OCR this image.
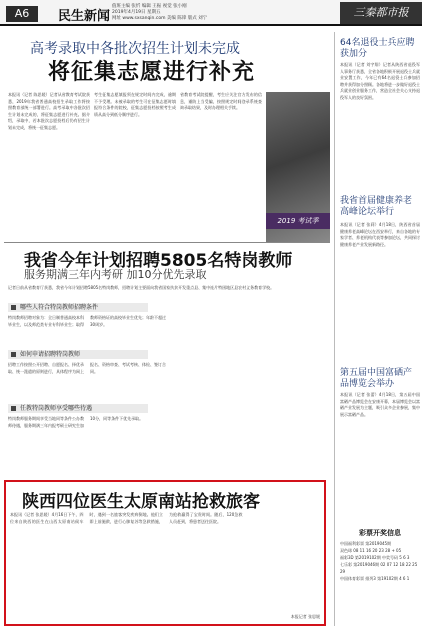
A6	民生新闻
值班主编 张忻 编辑 王振 视觉 张小刚
2019年4月19日 星期五
网址 www.sxsanqin.com 美编 陈锋 版式 刘宁	三秦都市报
高考录取中各批次招生计划未完成
将征集志愿进行补充
本报讯（记者 陈思媛）记者从省教育考试院获悉，2019年我省普通高校招生录取工作将按照教育部统一部署进行。高考录取中各批次招生计划未完成的，将征集志愿进行补充。据介绍，录取中，若本批次志愿投档后仍有招生计划未完成，将统一征集志愿。
考生征集志愿填报须在规定时间内完成，逾期不予受理。未被录取的考生可在征集志愿时填报符合条件的院校，征集志愿投档按照考生成绩从高分到低分顺序进行。
省教育考试院提醒，考生应关注官方发布的信息，谨防上当受骗，按照规定时间登录系统查询录取结果，及时办理相关手续。
2019 考试季
64名退役士兵应聘获加分
本报讯（记者 刘宇翔）记者从陕西省退役军人事务厅获悉，全省各地积极开展退役士兵就业安置工作，今年已有64名退役士兵参加招聘并获得加分照顾。各地将进一步做好退役士兵就业创业服务工作，营造全社会关心支持退役军人的良好氛围。
我省首届健康养老高峰论坛举行
本报讯（记者 张莉）4月18日，陕西省首届健康养老高峰论坛在西安举行，来自各地的专家学者、养老机构代表等参加论坛，共同探讨健康养老产业发展新路径。
第五届中国富硒产品博览会举办
本报讯（记者 张蕾）4月18日，第五届中国富硒产品博览会在安康开幕，本届博览会以富硒产业发展为主题，吸引众多企业参展，集中展示富硒产品。
彩票开奖信息
中国福利彩票 第2019045期
双色球 08 11 16 20 23 28 + 05
福彩3D 第2019102期 中奖号码 5 6 3
七乐彩 第2019046期 02 07 12 18 22 25 29
中国体育彩票 排列3 第19102期 4 6 1
我省今年计划招聘5805名特岗教师
服务期满三年内考研 加10分优先录取
记者日前从省教育厅获悉，我省今年计划招聘5805名特岗教师，招聘计划主要面向我省国家扶贫开发重点县、集中连片特困地区县农村义务教育学校。
哪些人符合特岗教师招聘条件
特岗教师招聘对象为：全日制普通高校本科毕业生，以及师范类专业专科毕业生；取得教师资格证的高校毕业生优先；年龄不超过30周岁。
如何申请招聘特岗教师
招聘工作按照公开招聘、自愿报名、择优录取、统一派遣的原则进行，具体程序为网上报名、资格审查、考试考核、体检、签订合同。
任教特岗教师享受哪些待遇
特岗教师服务期间享受当地同等条件公办教师待遇，服务期满三年内报考硕士研究生加10分，同等条件下优先录取。
陕西四位医生太原南站抢救旅客
本报讯（记者 张思媛）4月16日下午，四位来自陕西的医生在山西太原南站候车时，遇到一名旅客突发疾病倒地。他们立即上前施救，进行心肺复苏等急救措施，为抢救赢得了宝贵时间。随后，120急救人员赶到，将患者送往医院。
本报记者 张思媛
